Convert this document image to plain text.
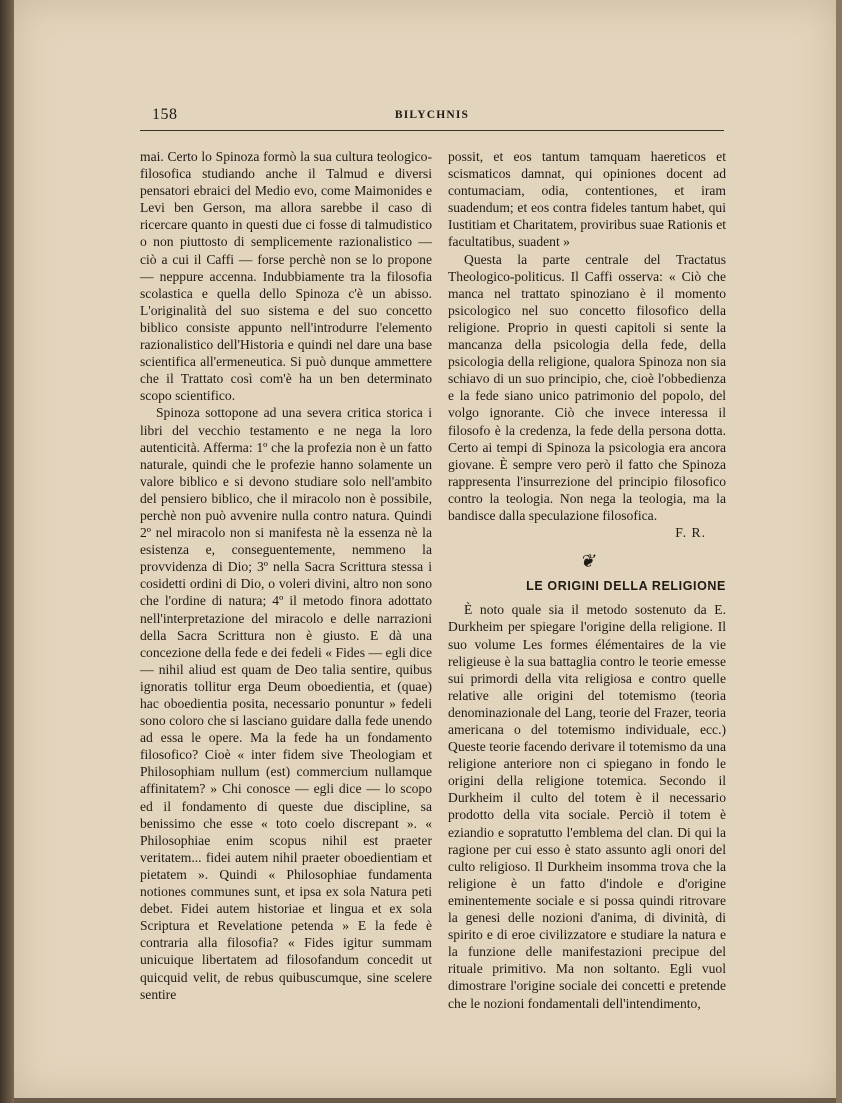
158	BILYCHNIS

mai. Certo lo Spinoza formò la sua cultura teologico-filosofica studiando anche il Talmud e diversi pensatori ebraici del Medio evo, come Maimonides e Levi ben Gerson, ma allora sarebbe il caso di ricercare quanto in questi due ci fosse di talmudistico o non piuttosto di semplicemente razionalistico — ciò a cui il Caffi — forse perchè non se lo propone — neppure accenna. Indubbiamente tra la filosofia scolastica e quella dello Spinoza c'è un abisso. L'originalità del suo sistema e del suo concetto biblico consiste appunto nell'introdurre l'elemento razionalistico dell'Historia e quindi nel dare una base scientifica all'ermeneutica. Si può dunque ammettere che il Trattato così com'è ha un ben determinato scopo scientifico.

Spinoza sottopone ad una severa critica storica i libri del vecchio testamento e ne nega la loro autenticità. Afferma: 1º che la profezia non è un fatto naturale, quindi che le profezie hanno solamente un valore biblico e si devono studiare solo nell'ambito del pensiero biblico, che il miracolo non è possibile, perchè non può avvenire nulla contro natura. Quindi 2º nel miracolo non si manifesta nè la essenza nè la esistenza e, conseguentemente, nemmeno la provvidenza di Dio; 3º nella Sacra Scrittura stessa i cosidetti ordini di Dio, o voleri divini, altro non sono che l'ordine di natura; 4º il metodo finora adottato nell'interpretazione del miracolo e delle narrazioni della Sacra Scrittura non è giusto. E dà una concezione della fede e dei fedeli « Fides — egli dice — nihil aliud est quam de Deo talia sentire, quibus ignoratis tollitur erga Deum oboedientia, et (quae) hac oboedientia posita, necessario ponuntur » fedeli sono coloro che si lasciano guidare dalla fede unendo ad essa le opere. Ma la fede ha un fondamento filosofico? Cioè « inter fidem sive Theologiam et Philosophiam nullum (est) commercium nullamque affinitatem? » Chi conosce — egli dice — lo scopo ed il fondamento di queste due discipline, sa benissimo che esse « toto coelo discrepant ». « Philosophiae enim scopus nihil est praeter veritatem... fidei autem nihil praeter oboedientiam et pietatem ». Quindi « Philosophiae fundamenta notiones communes sunt, et ipsa ex sola Natura peti debet. Fidei autem historiae et lingua et ex sola Scriptura et Revelatione petenda » E la fede è contraria alla filosofia? « Fides igitur summam unicuique libertatem ad filosofandum concedit ut quicquid velit, de rebus quibuscumque, sine scelere sentire

possit, et eos tantum tamquam haereticos et scismaticos damnat, qui opiniones docent ad contumaciam, odia, contentiones, et iram suadendum; et eos contra fideles tantum habet, qui Iustitiam et Charitatem, proviribus suae Rationis et facultatibus, suadent »

Questa la parte centrale del Tractatus Theologico-politicus. Il Caffi osserva: « Ciò che manca nel trattato spinoziano è il momento psicologico nel suo concetto filosofico della religione. Proprio in questi capitoli si sente la mancanza della psicologia della fede, della psicologia della religione, qualora Spinoza non sia schiavo di un suo principio, che, cioè l'obbedienza e la fede siano unico patrimonio del popolo, del volgo ignorante. Ciò che invece interessa il filosofo è la credenza, la fede della persona dotta. Certo ai tempi di Spinoza la psicologia era ancora giovane. È sempre vero però il fatto che Spinoza rappresenta l'insurrezione del principio filosofico contro la teologia. Non nega la teologia, ma la bandisce dalla speculazione filosofica.

F. R.

❦
LE ORIGINI DELLA RELIGIONE

È noto quale sia il metodo sostenuto da E. Durkheim per spiegare l'origine della religione. Il suo volume Les formes élémentaires de la vie religieuse è la sua battaglia contro le teorie emesse sui primordi della vita religiosa e contro quelle relative alle origini del totemismo (teoria denominazionale del Lang, teorie del Frazer, teoria americana o del totemismo individuale, ecc.) Queste teorie facendo derivare il totemismo da una religione anteriore non ci spiegano in fondo le origini della religione totemica. Secondo il Durkheim il culto del totem è il necessario prodotto della vita sociale. Perciò il totem è eziandio e sopratutto l'emblema del clan. Di qui la ragione per cui esso è stato assunto agli onori del culto religioso. Il Durkheim insomma trova che la religione è un fatto d'indole e d'origine eminentemente sociale e si possa quindi ritrovare la genesi delle nozioni d'anima, di divinità, di spirito e di eroe civilizzatore e studiare la natura e la funzione delle manifestazioni precipue del rituale primitivo. Ma non soltanto. Egli vuol dimostrare l'origine sociale dei concetti e pretende che le nozioni fondamentali dell'intendimento,
